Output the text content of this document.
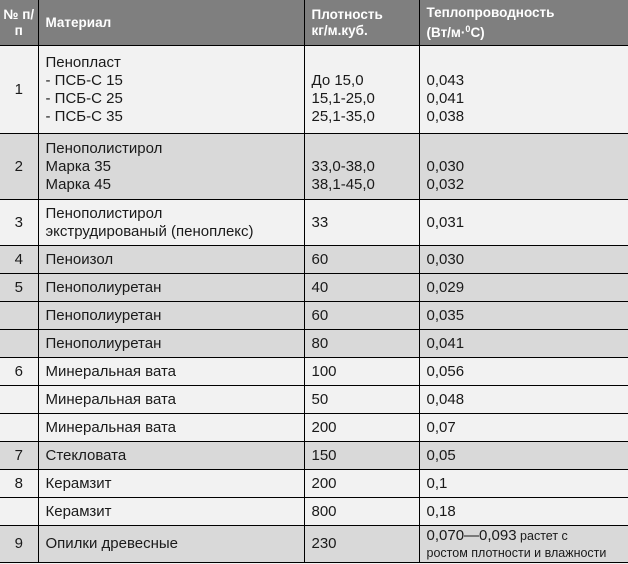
№ п/п	Материал	Плотность
кг/м.куб.	Теплопроводность
(Вт/м·$^0$С)

1	Пенопласт
- ПСБ-С 15
- ПСБ-С 25
- ПСБ-С 35	До 15,0
15,1-25,0
25,1-35,0	0,043
0,041
0,038

2	Пенополистирол
Марка 35
Марка 45	33,0-38,0
38,1-45,0	0,030
0,032

3	Пенополистирол
экструдированый (пеноплекс)	33	0,031
4	Пеноизол	60	0,030
5	Пенополиуретан	40	0,029
	Пенополиуретан	60	0,035
	Пенополиуретан	80	0,041
6	Минеральная вата	100	0,056
	Минеральная вата	50	0,048
	Минеральная вата	200	0,07
7	Стекловата	150	0,05
8	Керамзит	200	0,1
	Керамзит	800	0,18
9	Опилки древесные	230	0,070—0,093 растет с
ростом плотности и влажности
